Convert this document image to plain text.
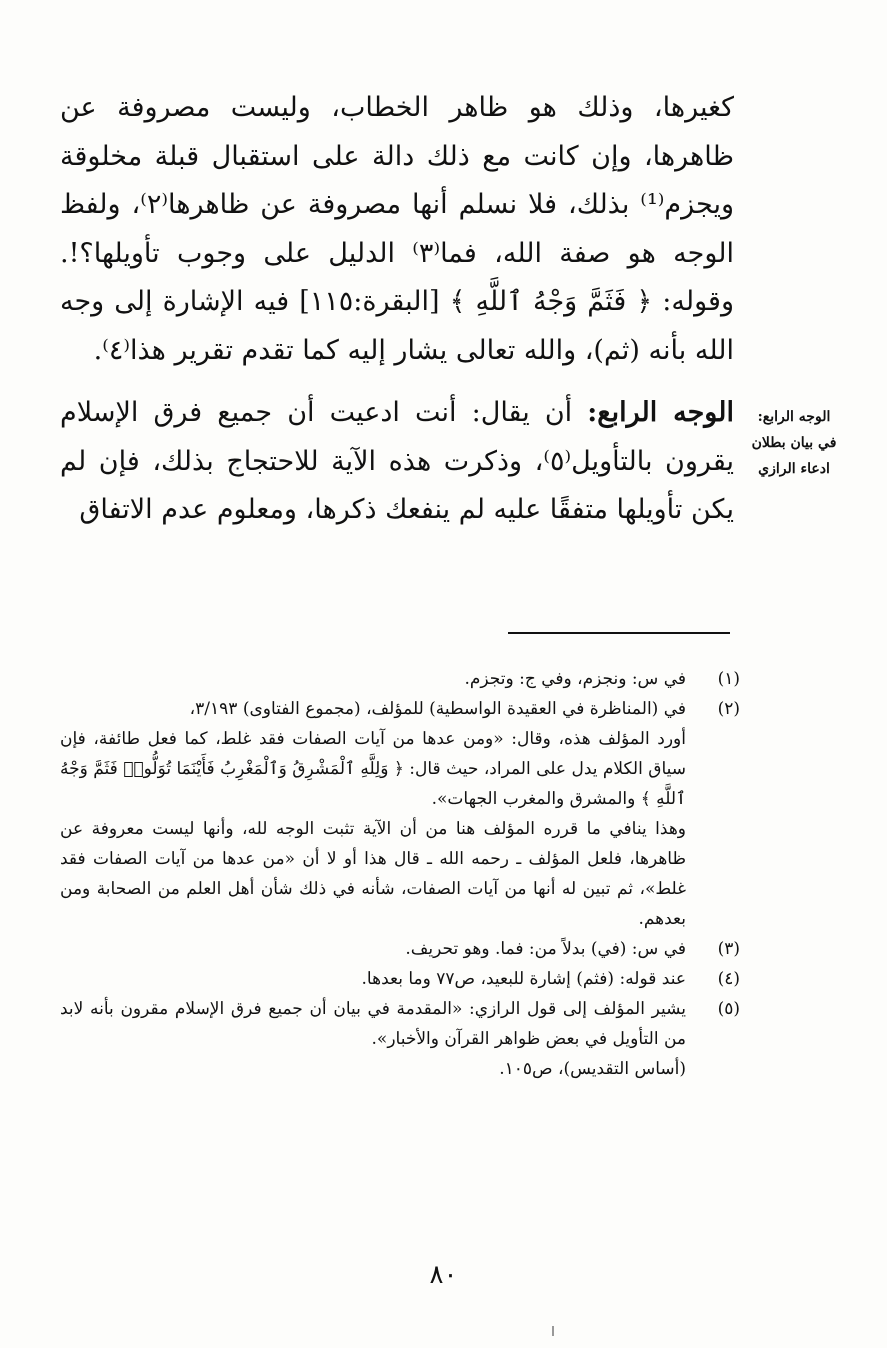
كغيرها، وذلك هو ظاهر الخطاب، وليست مصروفة عن ظاهرها، وإن كانت مع ذلك دالة على استقبال قبلة مخلوقة ويجزم⁽¹⁾ بذلك، فلا نسلم أنها مصروفة عن ظاهرها⁽٢⁾، ولفظ الوجه هو صفة الله، فما⁽٣⁾ الدليل على وجوب تأويلها؟!. وقوله: ﴿ فَثَمَّ وَجْهُ ٱللَّهِ ﴾ [البقرة:١١٥] فيه الإشارة إلى وجه الله بأنه (ثم)، والله تعالى يشار إليه كما تقدم تقرير هذا⁽٤⁾.

الوجه الرابع: أن يقال: أنت ادعيت أن جميع فرق الإسلام يقرون بالتأويل⁽٥⁾، وذكرت هذه الآية للاحتجاج بذلك، فإن لم يكن تأويلها متفقًا عليه لم ينفعك ذكرها، ومعلوم عدم الاتفاق

الوجه الرابع:
في بيان بطلان
ادعاء الرازي
(١)
في س: ونجزم، وفي ج: وتجزم.
(٢)
في (المناظرة في العقيدة الواسطية) للمؤلف، (مجموع الفتاوى) ٣/١٩٣،
أورد المؤلف هذه، وقال: «ومن عدها من آيات الصفات فقد غلط، كما فعل طائفة، فإن سياق الكلام يدل على المراد، حيث قال: ﴿ وَلِلَّهِ ٱلْمَشْرِقُ وَٱلْمَغْرِبُ فَأَيْنَمَا تُوَلُّوا۟ فَثَمَّ وَجْهُ ٱللَّهِ ﴾ والمشرق والمغرب الجهات».
وهذا ينافي ما قرره المؤلف هنا من أن الآية تثبت الوجه لله، وأنها ليست معروفة عن ظاهرها، فلعل المؤلف ـ رحمه الله ـ قال هذا أو لا أن «من عدها من آيات الصفات فقد غلط»، ثم تبين له أنها من آيات الصفات، شأنه في ذلك شأن أهل العلم من الصحابة ومن بعدهم.
(٣)
في س: (في) بدلاً من: فما. وهو تحريف.
(٤)
عند قوله: (فثم) إشارة للبعيد، ص٧٧ وما بعدها.
(٥)
يشير المؤلف إلى قول الرازي: «المقدمة في بيان أن جميع فرق الإسلام مقرون بأنه لابد من التأويل في بعض ظواهر القرآن والأخبار».
(أساس التقديس)، ص١٠٥.
٨٠
